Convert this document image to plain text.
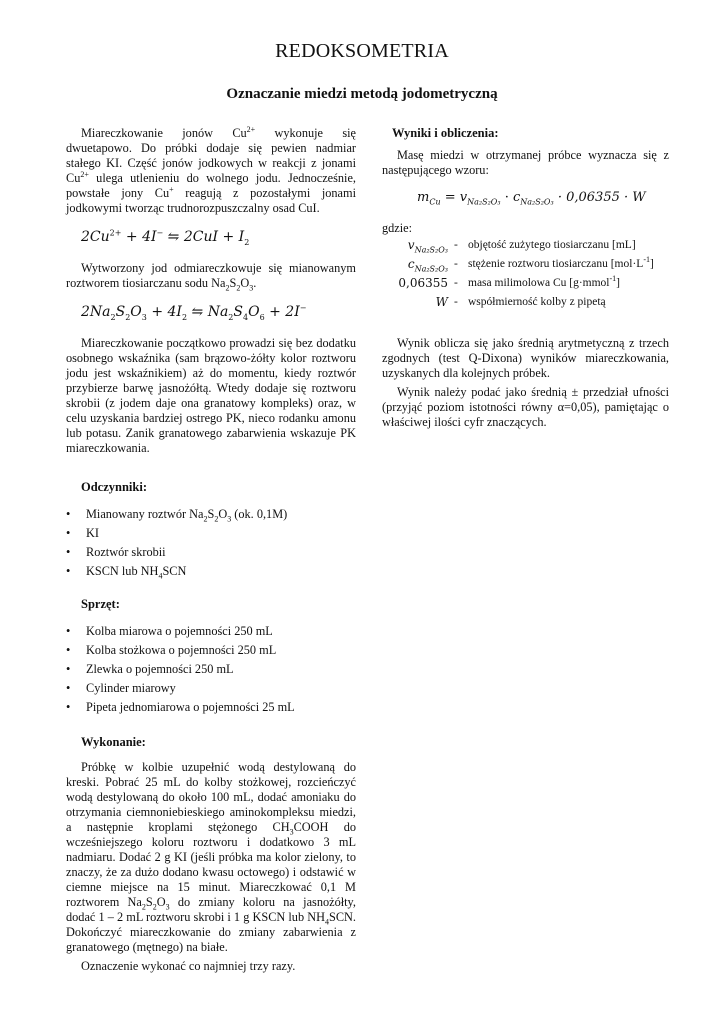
REDOKSOMETRIA
Oznaczanie miedzi metodą jodometryczną

Miareczkowanie jonów $Cu^{2+}$ wykonuje się dwuetapowo. Do próbki dodaje się pewien nadmiar stałego KI. Część jonów jodkowych w reakcji z jonami $Cu^{2+}$ ulega utlenieniu do wolnego jodu. Jednocześnie, powstałe jony Cu+ reagują z pozostałymi jonami jodkowymi tworząc trudnorozpuszczalny osad CuI.

$2Cu^{2+} + 4I^-$ ⇋ $2CuI + I_2$

Wytworzony jod odmiareczkowuje się mianowanym roztworem tiosiarczanu sodu $Na_2S_2O_3$.

$2Na_2S_2O_3 + 4I_2$ ⇋ $Na_2S_4O_6 + 2I^-$

Miareczkowanie początkowo prowadzi się bez dodatku osobnego wskaźnika (sam brązowo-żółty kolor roztworu jodu jest wskaźnikiem) aż do momentu, kiedy roztwór przybierze barwę jasnożółtą. Wtedy dodaje się roztworu skrobii (z jodem daje ona granatowy kompleks) oraz, w celu uzyskania bardziej ostrego PK, nieco rodanku amonu lub potasu. Zanik granatowego zabarwienia wskazuje PK miareczkowania.

Odczynniki:
• Mianowany roztwór $Na_2S_2O_3$ (ok. 0,1M)
• KI
• Roztwór skrobii
• KSCN lub $NH_4SCN$
Sprzęt:
• Kolba miarowa o pojemności 250 mL
• Kolba stożkowa o pojemności 250 mL
• Zlewka o pojemności 250 mL
• Cylinder miarowy
• Pipeta jednomiarowa o pojemności 25 mL
Wykonanie:

Próbkę w kolbie uzupełnić wodą destylowaną do kreski. Pobrać 25 mL do kolby stożkowej, rozcieńczyć wodą destylowaną do około 100 mL, dodać amoniaku do otrzymania ciemnoniebieskiego aminokompleksu miedzi, a następnie kroplami stężonego $CH_3COOH$ do wcześniejszego koloru roztworu i dodatkowo 3 mL nadmiaru. Dodać 2 g KI (jeśli próbka ma kolor zielony, to znaczy, że za dużo dodano kwasu octowego) i odstawić w ciemne miejsce na 15 minut. Miareczkować 0,1 M roztworem $Na_2S_2O_3$ do zmiany koloru na jasnożółty, dodać 1 – 2 mL roztworu skrobi i 1 g KSCN lub $NH_4SCN$. Dokończyć miareczkowanie do zmiany zabarwienia z granatowego (mętnego) na białe.

Oznaczenie wykonać co najmniej trzy razy.

Wyniki i obliczenia:

Masę miedzi w otrzymanej próbce wyznacza się z następującego wzoru:

$m_{Cu} = v_{Na_2S_2O_3} \cdot c_{Na_2S_2O_3} \cdot 0,06355 \cdot W$

gdzie:
$v_{Na_2S_2O_3}$ - objętość zużytego tiosiarczanu [mL]
$c_{Na_2S_2O_3}$ - stężenie roztworu tiosiarczanu $[mol\cdot L^{-1}]$
0,06355 - masa milimolowa Cu [g·mmol$^{-1}$]
W - współmierność kolby z pipetą

Wynik oblicza się jako średnią arytmetyczną z trzech zgodnych (test Q-Dixona) wyników miareczkowania, uzyskanych dla kolejnych próbek.

Wynik należy podać jako średnią ± przedział ufności (przyjąć poziom istotności równy α=0,05), pamiętając o właściwej ilości cyfr znaczących.
